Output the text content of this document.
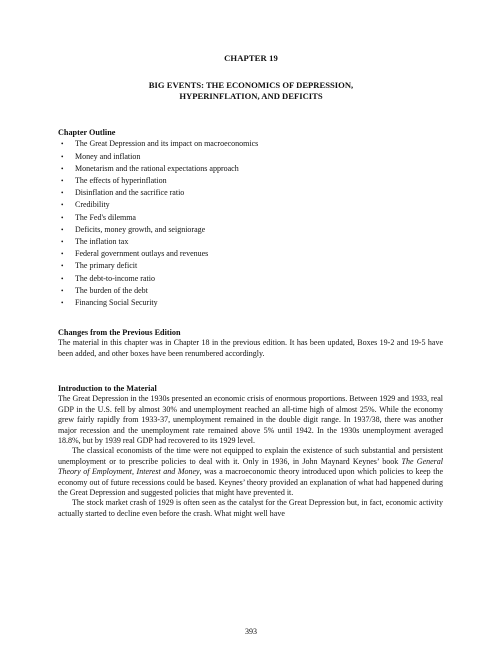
CHAPTER 19
BIG EVENTS: THE ECONOMICS OF DEPRESSION,
HYPERINFLATION, AND DEFICITS
Chapter Outline
• The Great Depression and its impact on macroeconomics
• Money and inflation
• Monetarism and the rational expectations approach
• The effects of hyperinflation
• Disinflation and the sacrifice ratio
• Credibility
• The Fed's dilemma
• Deficits, money growth, and seigniorage
• The inflation tax
• Federal government outlays and revenues
• The primary deficit
• The debt-to-income ratio
• The burden of the debt
• Financing Social Security
Changes from the Previous Edition

The material in this chapter was in Chapter 18 in the previous edition. It has been updated, Boxes 19-2 and 19-5 have been added, and other boxes have been renumbered accordingly.

Introduction to the Material

The Great Depression in the 1930s presented an economic crisis of enormous proportions. Between 1929 and 1933, real GDP in the U.S. fell by almost 30% and unemployment reached an all-time high of almost 25%. While the economy grew fairly rapidly from 1933-37, unemployment remained in the double digit range. In 1937/38, there was another major recession and the unemployment rate remained above 5% until 1942. In the 1930s unemployment averaged 18.8%, but by 1939 real GDP had recovered to its 1929 level.

The classical economists of the time were not equipped to explain the existence of such substantial and persistent unemployment or to prescribe policies to deal with it. Only in 1936, in John Maynard Keynes’ book The General Theory of Employment, Interest and Money, was a macroeconomic theory introduced upon which policies to keep the economy out of future recessions could be based. Keynes’ theory provided an explanation of what had happened during the Great Depression and suggested policies that might have prevented it.

The stock market crash of 1929 is often seen as the catalyst for the Great Depression but, in fact, economic activity actually started to decline even before the crash. What might well have

393
